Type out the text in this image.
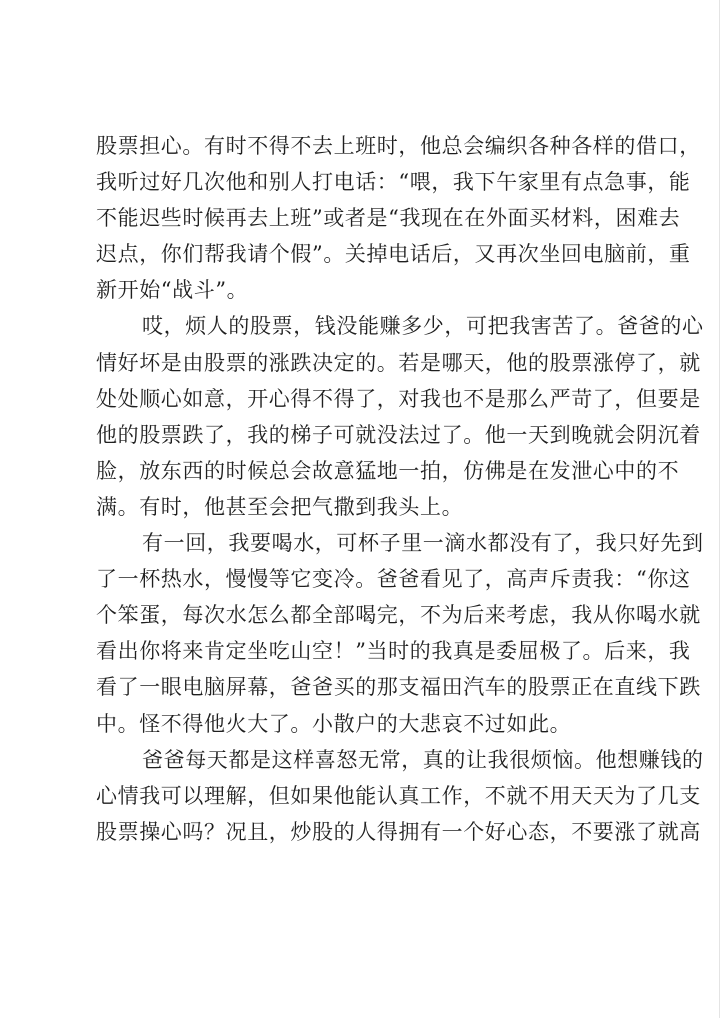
股票担心。有时不得不去上班时，他总会编织各种各样的借口，
我听过好几次他和别人打电话：“喂，我下午家里有点急事，能
不能迟些时候再去上班”或者是“我现在在外面买材料，困难去
迟点，你们帮我请个假”。关掉电话后，又再次坐回电脑前，重
新开始“战斗”。
哎，烦人的股票，钱没能赚多少，可把我害苦了。爸爸的心
情好坏是由股票的涨跌决定的。若是哪天，他的股票涨停了，就
处处顺心如意，开心得不得了，对我也不是那么严苛了，但要是
他的股票跌了，我的梯子可就没法过了。他一天到晚就会阴沉着
脸，放东西的时候总会故意猛地一拍，仿佛是在发泄心中的不
满。有时，他甚至会把气撒到我头上。
有一回，我要喝水，可杯子里一滴水都没有了，我只好先到
了一杯热水，慢慢等它变冷。爸爸看见了，高声斥责我：“你这
个笨蛋，每次水怎么都全部喝完，不为后来考虑，我从你喝水就
看出你将来肯定坐吃山空！”当时的我真是委屈极了。后来，我
看了一眼电脑屏幕，爸爸买的那支福田汽车的股票正在直线下跌
中。怪不得他火大了。小散户的大悲哀不过如此。
爸爸每天都是这样喜怒无常，真的让我很烦恼。他想赚钱的
心情我可以理解，但如果他能认真工作，不就不用天天为了几支
股票操心吗？况且，炒股的人得拥有一个好心态，不要涨了就高
